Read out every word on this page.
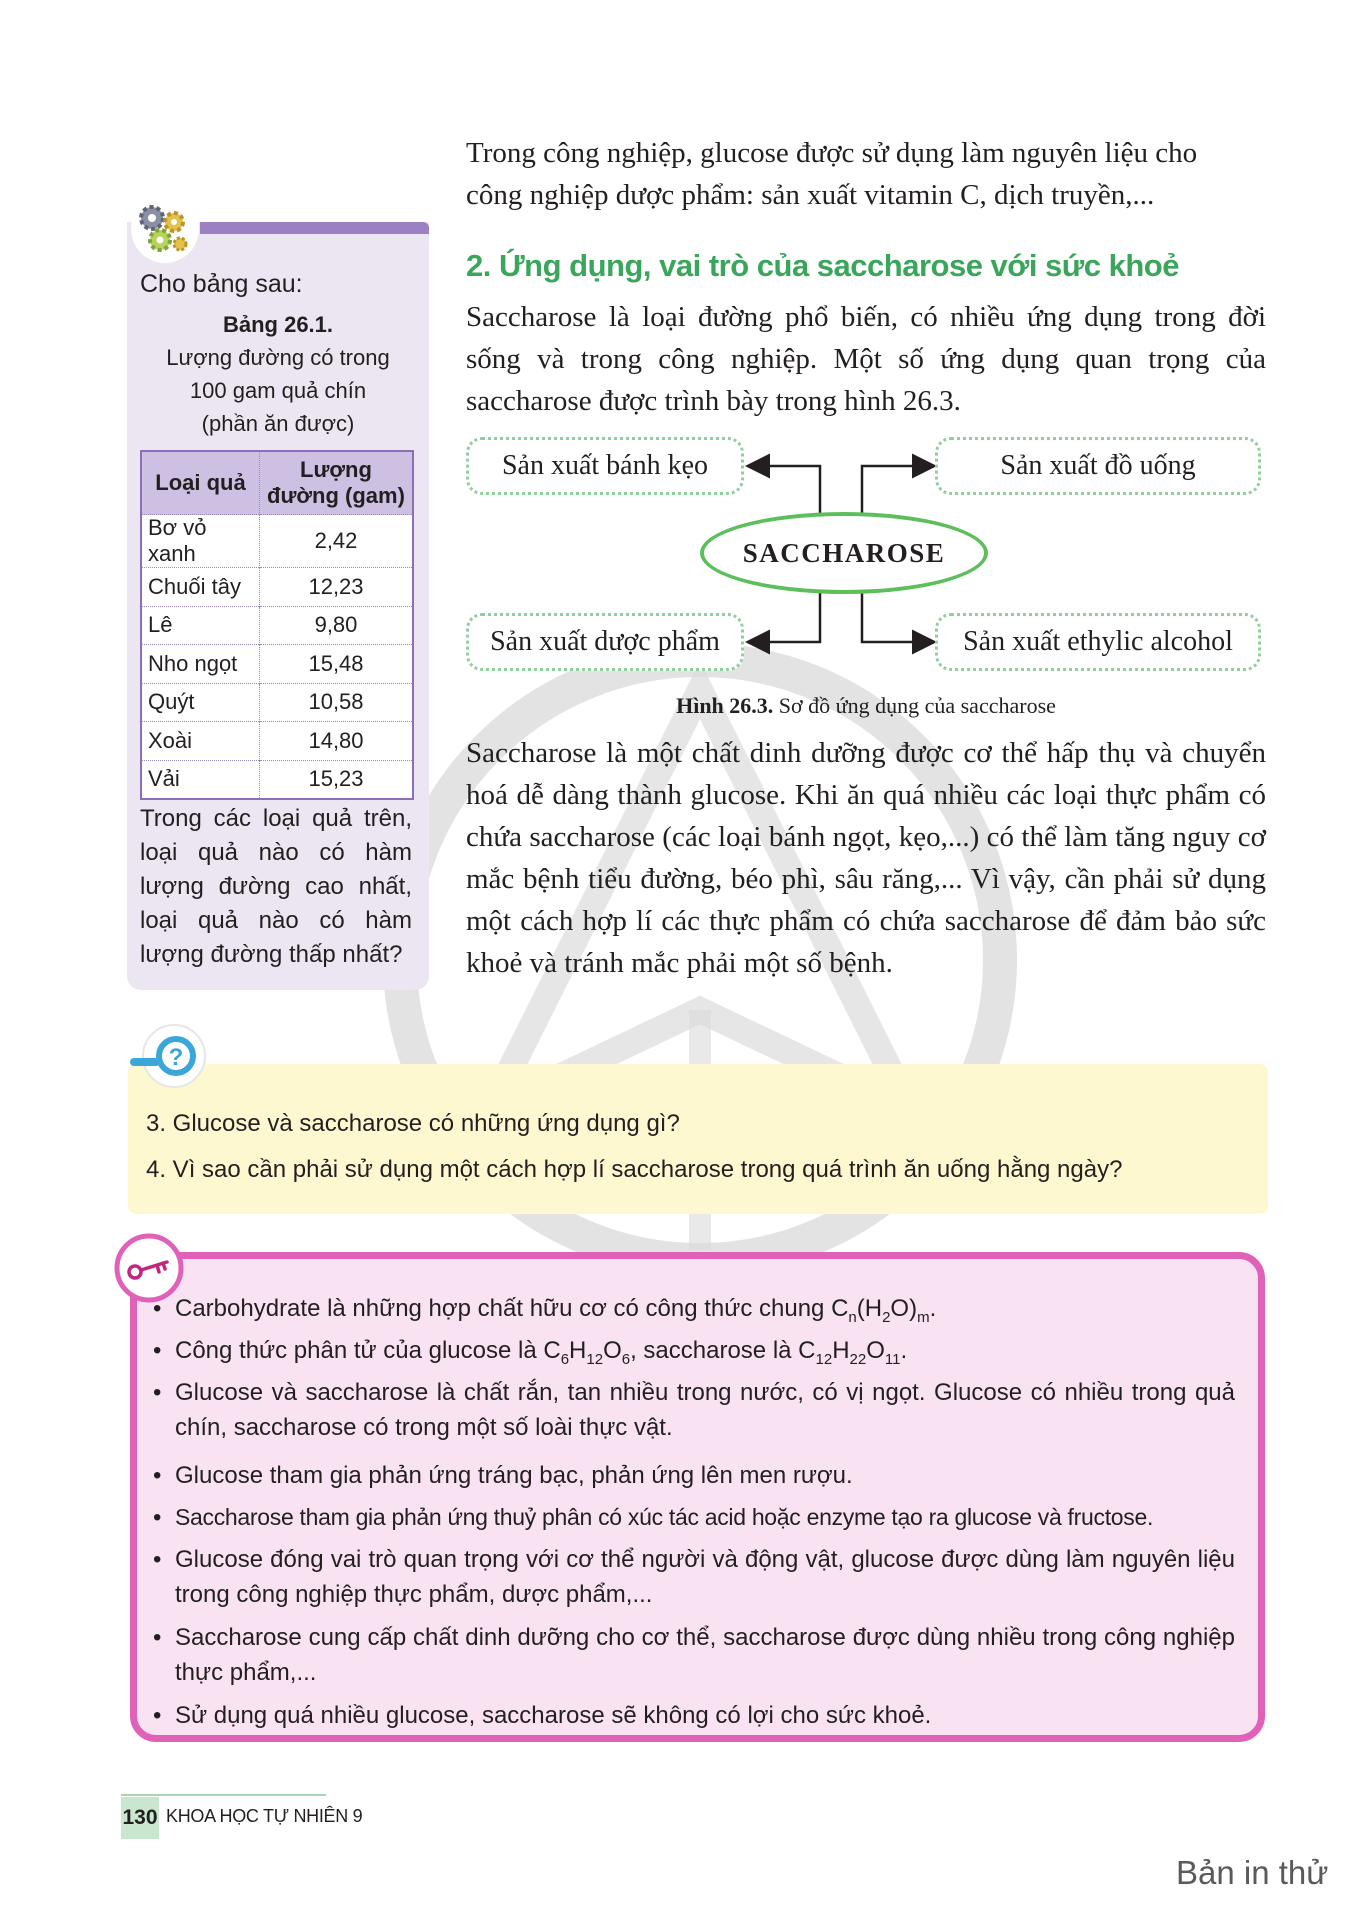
Cho bảng sau:
Bảng 26.1.
Lượng đường có trong
100 gam quả chín
(phần ăn được)
Loại quả	Lượng
đường (gam)
Bơ vỏ xanh	2,42
Chuối tây	12,23
Lê	9,80
Nho ngọt	15,48
Quýt	10,58
Xoài	14,80
Vải	15,23
Trong các loại quả trên, loại quả nào có hàm lượng đường cao nhất, loại quả nào có hàm lượng đường thấp nhất?
Trong công nghiệp, glucose được sử dụng làm nguyên liệu cho
công nghiệp dược phẩm: sản xuất vitamin C, dịch truyền,...
2. Ứng dụng, vai trò của saccharose với sức khoẻ
Saccharose là loại đường phổ biến, có nhiều ứng dụng trong đời sống và trong công nghiệp. Một số ứng dụng quan trọng của saccharose được trình bày trong hình 26.3.
Sản xuất bánh kẹo	Sản xuất đồ uống
Sản xuất dược phẩm	Sản xuất ethylic alcohol
SACCHAROSE
Hình 26.3. Sơ đồ ứng dụng của saccharose
Saccharose là một chất dinh dưỡng được cơ thể hấp thụ và chuyển hoá dễ dàng thành glucose. Khi ăn quá nhiều các loại thực phẩm có chứa saccharose (các loại bánh ngọt, kẹo,...) có thể làm tăng nguy cơ mắc bệnh tiểu đường, béo phì, sâu răng,... Vì vậy, cần phải sử dụng một cách hợp lí các thực phẩm có chứa saccharose để đảm bảo sức khoẻ và tránh mắc phải một số bệnh.
?
3. Glucose và saccharose có những ứng dụng gì?
4. Vì sao cần phải sử dụng một cách hợp lí saccharose trong quá trình ăn uống hằng ngày?
• Carbohydrate là những hợp chất hữu cơ có công thức chung $C_n(H_2O)_m$.
• Công thức phân tử của glucose là $C_6H_{12}O_6$, saccharose là $C_{12}H_{22}O_{11}$.
• Glucose và saccharose là chất rắn, tan nhiều trong nước, có vị ngọt. Glucose có nhiều trong quả chín, saccharose có trong một số loài thực vật.
• Glucose tham gia phản ứng tráng bạc, phản ứng lên men rượu.
• Saccharose tham gia phản ứng thuỷ phân có xúc tác acid hoặc enzyme tạo ra glucose và fructose.
• Glucose đóng vai trò quan trọng với cơ thể người và động vật, glucose được dùng làm nguyên liệu trong công nghiệp thực phẩm, dược phẩm,...
• Saccharose cung cấp chất dinh dưỡng cho cơ thể, saccharose được dùng nhiều trong công nghiệp thực phẩm,...
• Sử dụng quá nhiều glucose, saccharose sẽ không có lợi cho sức khoẻ.
130 KHOA HỌC TỰ NHIÊN 9
Bản in thử
